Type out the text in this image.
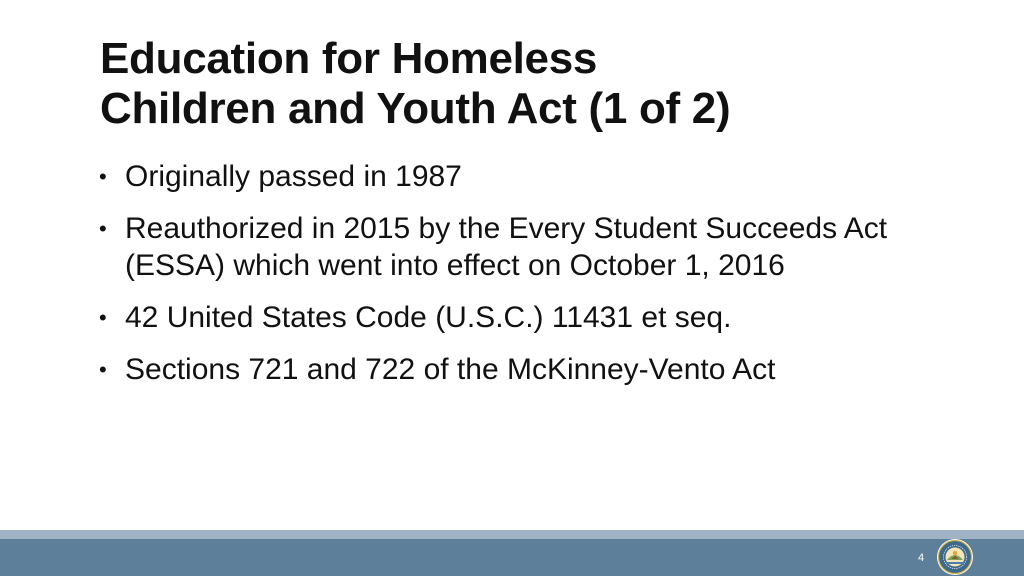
Education for Homeless
Children and Youth Act (1 of 2)
• Originally passed in 1987
• Reauthorized in 2015 by the Every Student Succeeds Act (ESSA) which went into effect on October 1, 2016
• 42 United States Code (U.S.C.) 11431 et seq.
• Sections 721 and 722 of the McKinney-Vento Act
4
